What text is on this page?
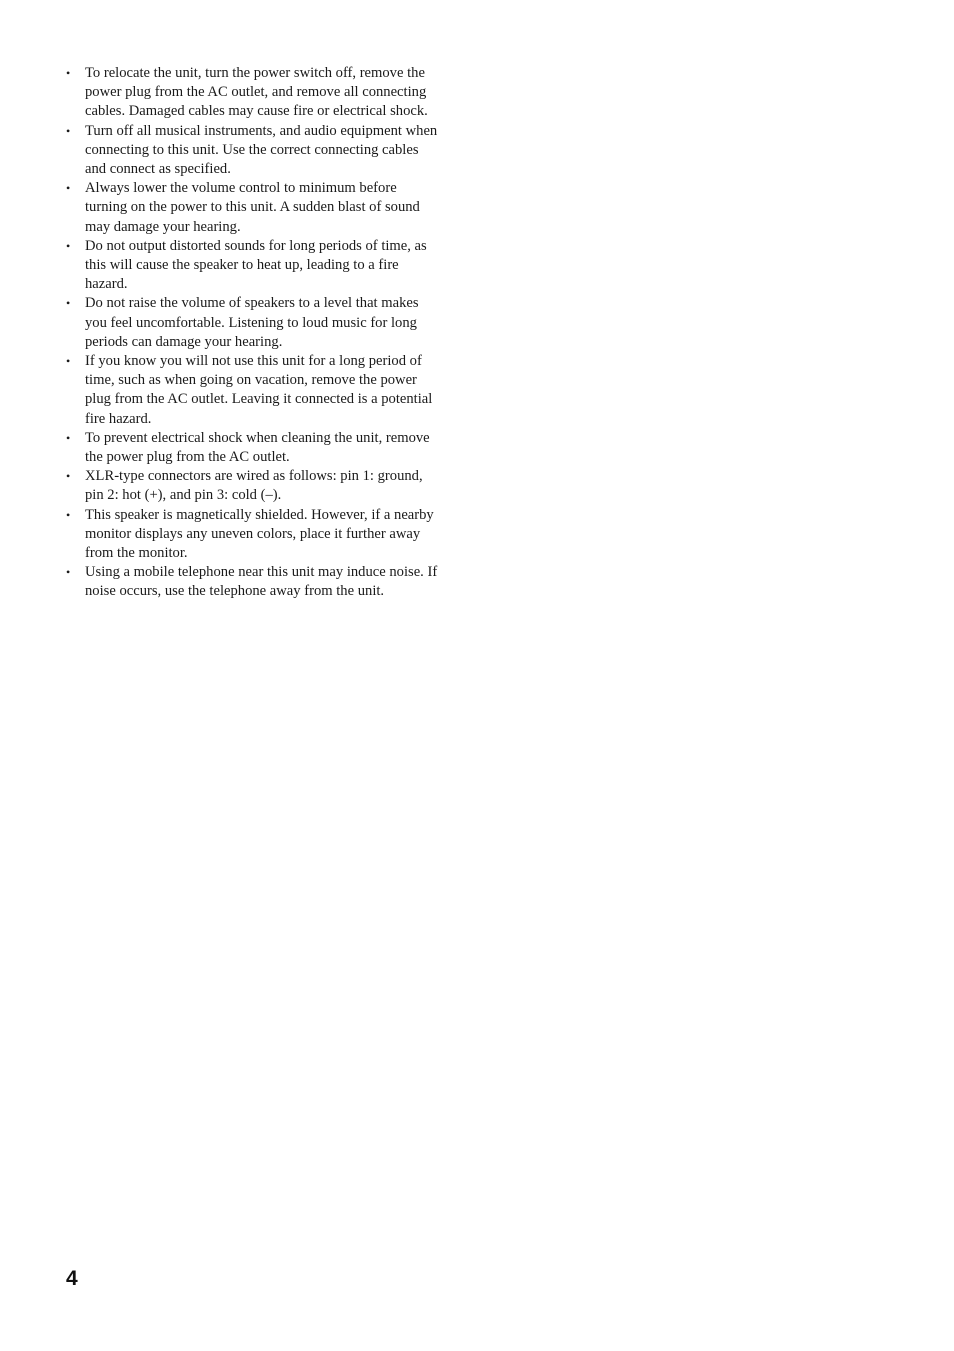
• To relocate the unit, turn the power switch off, remove the power plug from the AC outlet, and remove all connecting cables. Damaged cables may cause fire or electrical shock.
• Turn off all musical instruments, and audio equipment when connecting to this unit. Use the correct connecting cables and connect as specified.
• Always lower the volume control to minimum before turning on the power to this unit. A sudden blast of sound may damage your hearing.
• Do not output distorted sounds for long periods of time, as this will cause the speaker to heat up, leading to a fire hazard.
• Do not raise the volume of speakers to a level that makes you feel uncomfortable. Listening to loud music for long periods can damage your hearing.
• If you know you will not use this unit for a long period of time, such as when going on vacation, remove the power plug from the AC outlet. Leaving it connected is a potential fire hazard.
• To prevent electrical shock when cleaning the unit, remove the power plug from the AC outlet.
• XLR-type connectors are wired as follows: pin 1: ground, pin 2: hot (+), and pin 3: cold (–).
• This speaker is magnetically shielded. However, if a nearby monitor displays any uneven colors, place it further away from the monitor.
• Using a mobile telephone near this unit may induce noise. If noise occurs, use the telephone away from the unit.
4
